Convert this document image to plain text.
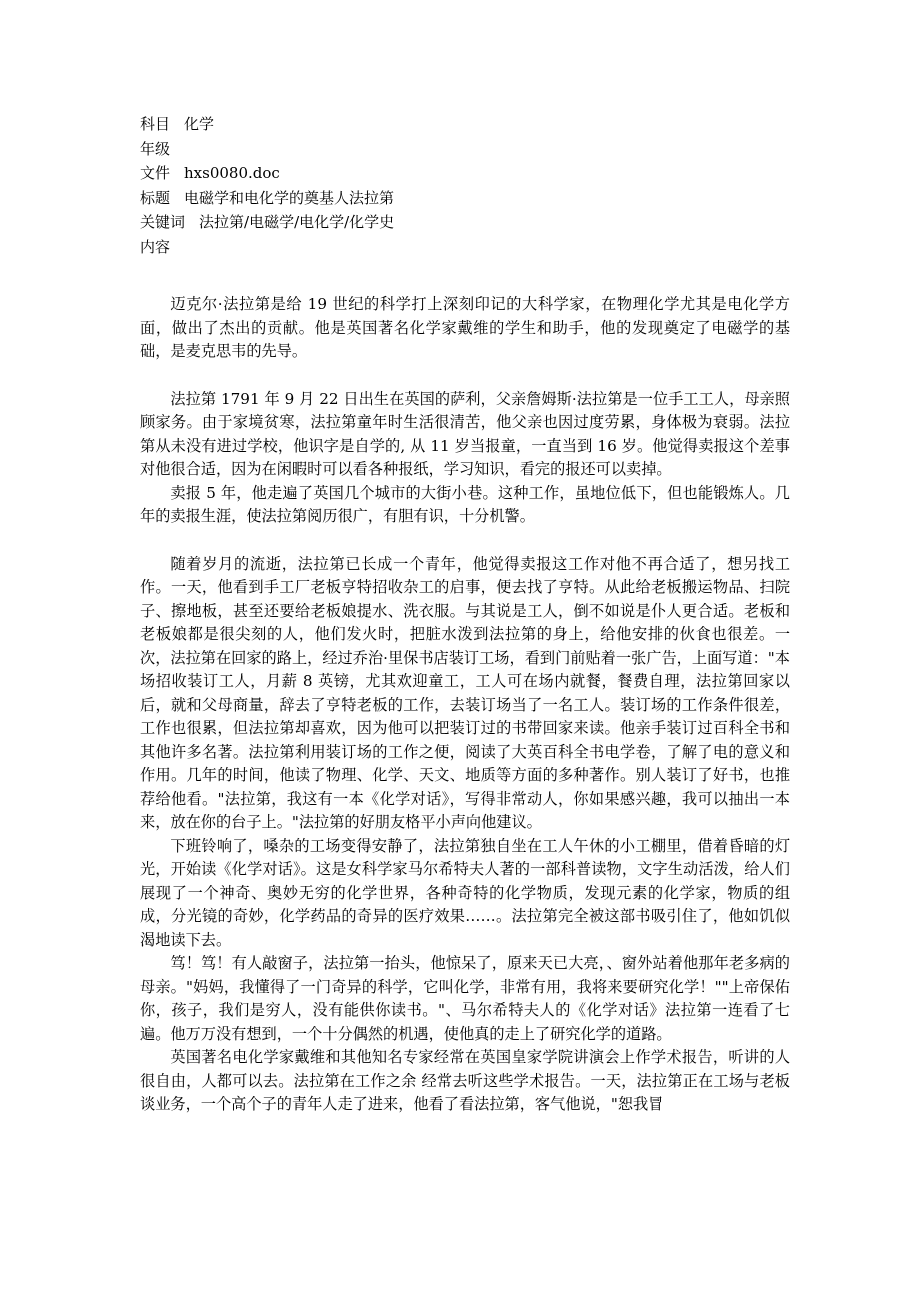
科目 化学
年级
文件 hxs0080.doc
标题 电磁学和电化学的奠基人法拉第
关键词 法拉第/电磁学/电化学/化学史
内容

迈克尔·法拉第是给 19 世纪的科学打上深刻印记的大科学家，在物理化学尤其是电化学方面，做出了杰出的贡献。他是英国著名化学家戴维的学生和助手，他的发现奠定了电磁学的基础，是麦克思韦的先导。

法拉第 1791 年 9 月 22 日出生在英国的萨利，父亲詹姆斯·法拉第是一位手工工人，母亲照顾家务。由于家境贫寒，法拉第童年时生活很清苦，他父亲也因过度劳累，身体极为衰弱。法拉第从未没有进过学校，他识字是自学的, 从 11 岁当报童，一直当到 16 岁。他觉得卖报这个差事对他很合适，因为在闲暇时可以看各种报纸，学习知识，看完的报还可以卖掉。

卖报 5 年，他走遍了英国几个城市的大街小巷。这种工作，虽地位低下，但也能锻炼人。几年的卖报生涯，使法拉第阅历很广，有胆有识，十分机警。

随着岁月的流逝，法拉第已长成一个青年，他觉得卖报这工作对他不再合适了，想另找工作。一天，他看到手工厂老板亨特招收杂工的启事，便去找了亨特。从此给老板搬运物品、扫院子、擦地板，甚至还要给老板娘提水、洗衣服。与其说是工人，倒不如说是仆人更合适。老板和老板娘都是很尖刻的人，他们发火时，把脏水泼到法拉第的身上，给他安排的伙食也很差。一次，法拉第在回家的路上，经过乔治·里保书店装订工场，看到门前贴着一张广告，上面写道："本场招收装订工人，月薪 8 英镑，尤其欢迎童工，工人可在场内就餐，餐费自理，法拉第回家以后，就和父母商量，辞去了亨特老板的工作，去装订场当了一名工人。装订场的工作条件很差，工作也很累，但法拉第却喜欢，因为他可以把装订过的书带回家来读。他亲手装订过百科全书和其他许多名著。法拉第利用装订场的工作之便，阅读了大英百科全书电学卷，了解了电的意义和作用。几年的时间，他读了物理、化学、天文、地质等方面的多种著作。别人装订了好书，也推荐给他看。"法拉第，我这有一本《化学对话》，写得非常动人，你如果感兴趣，我可以抽出一本来，放在你的台子上。"法拉第的好朋友格平小声向他建议。

下班铃响了，嗓杂的工场变得安静了，法拉第独自坐在工人午休的小工棚里，借着昏暗的灯光，开始读《化学对话》。这是女科学家马尔希特夫人著的一部科普读物，文字生动活泼，给人们展现了一个神奇、奥妙无穷的化学世界，各种奇特的化学物质，发现元素的化学家，物质的组成，分光镜的奇妙，化学药品的奇异的医疗效果……。法拉第完全被这部书吸引住了，他如饥似渴地读下去。

笃！笃！有人敲窗子，法拉第一抬头，他惊呆了，原来天已大亮，、窗外站着他那年老多病的母亲。"妈妈，我懂得了一门奇异的科学，它叫化学，非常有用，我将来要研究化学！""上帝保佑你，孩子，我们是穷人，没有能供你读书。"、马尔希特夫人的《化学对话》法拉第一连看了七遍。他万万没有想到，一个十分偶然的机遇，使他真的走上了研究化学的道路。

英国著名电化学家戴维和其他知名专家经常在英国皇家学院讲演会上作学术报告，听讲的人很自由，人都可以去。法拉第在工作之余 经常去听这些学术报告。一天，法拉第正在工场与老板谈业务，一个高个子的青年人走了进来，他看了看法拉第，客气他说，"恕我冒
